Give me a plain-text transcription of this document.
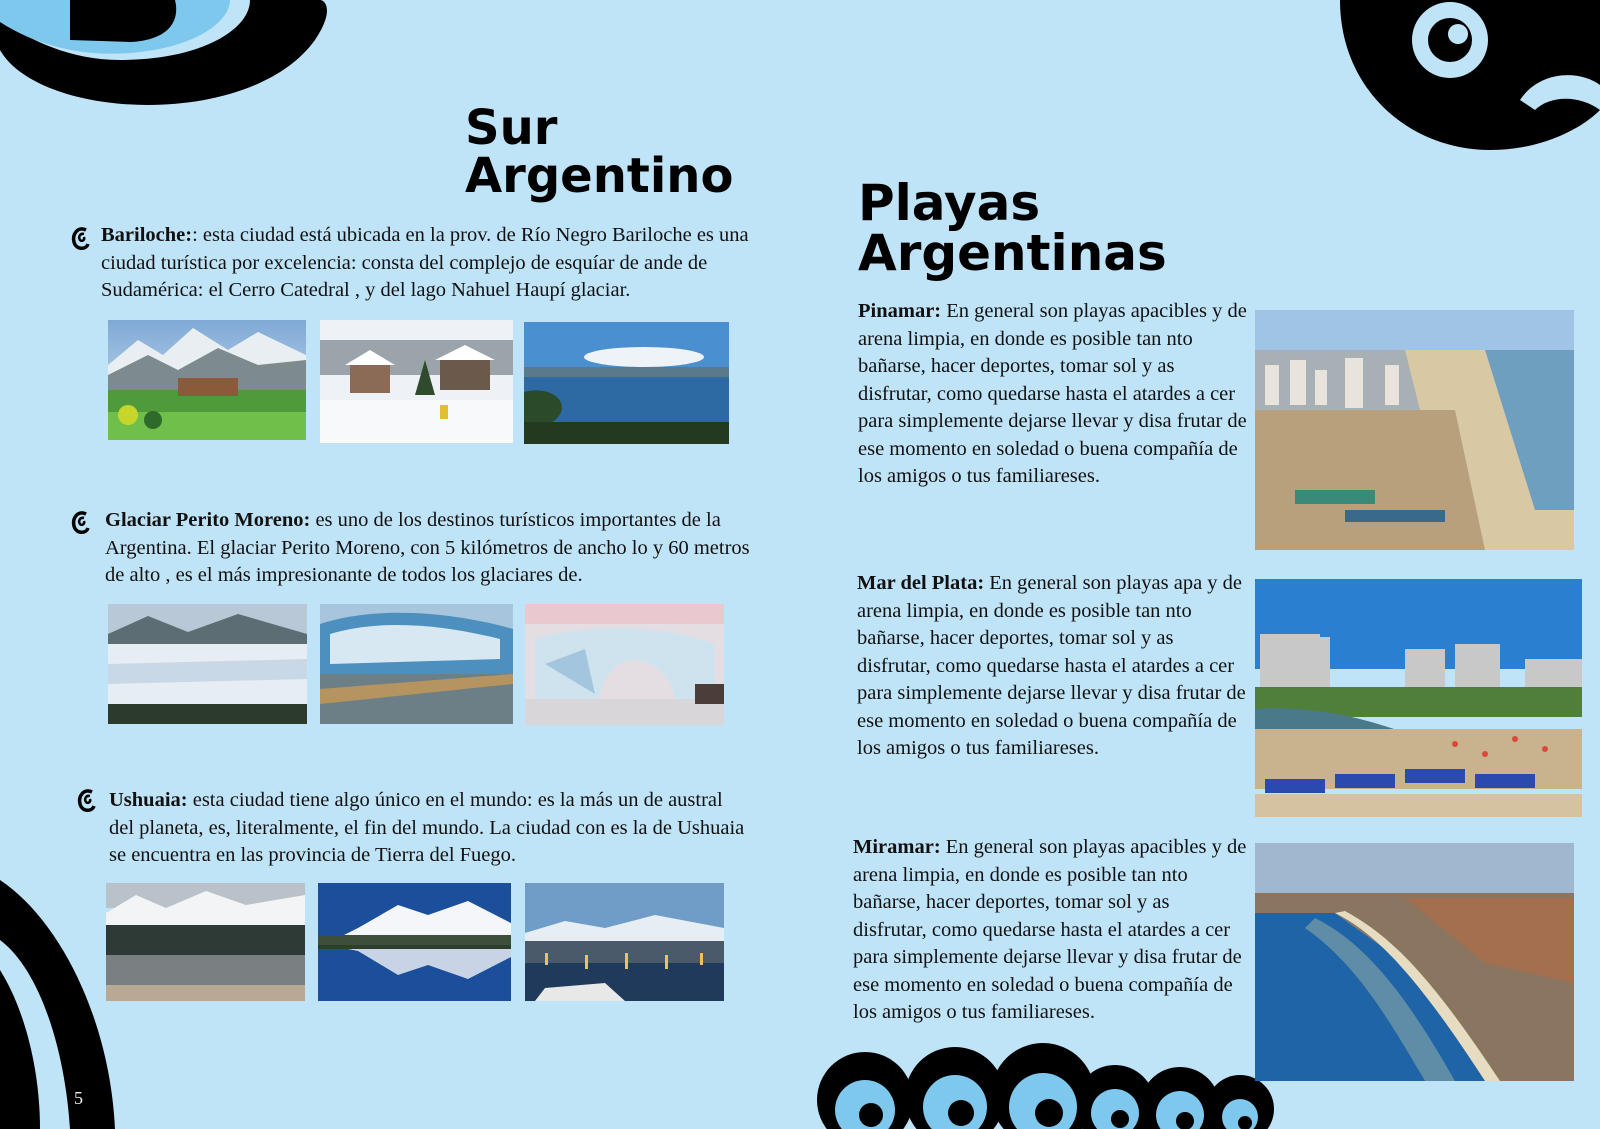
Sur
Argentino
Bariloche:: esta ciudad está ubicada en la prov. de Río Negro Bariloche es una ciudad turística por excelencia: consta del complejo de esquíar de ande de Sudamérica: el Cerro Catedral , y del lago Nahuel Haupí glaciar.
Glaciar Perito Moreno: es uno de los destinos turísticos importantes de la Argentina. El glaciar Perito Moreno, con 5 kilómetros de ancho lo y 60 metros de alto , es el más impresionante de todos los glaciares de.
Ushuaia: esta ciudad tiene algo único en el mundo: es la más un de austral del planeta, es, literalmente, el fin del mundo. La ciudad con es la de Ushuaia se encuentra en las provincia de Tierra del Fuego.
5
Playas
Argentinas
Pinamar: En general son playas apacibles y de arena limpia, en donde es posible tan nto bañarse, hacer deportes, tomar sol y as disfrutar, como quedarse hasta el atardes a cer para simplemente dejarse llevar y disa frutar de ese momento en soledad o buena compañía de los amigos o tus familiareses.
Mar del Plata: En general son playas apa y de arena limpia, en donde es posible tan nto bañarse, hacer deportes, tomar sol y as disfrutar, como quedarse hasta el atardes a cer para simplemente dejarse llevar y disa frutar de ese momento en soledad o buena compañía de los amigos o tus familiareses.
Miramar: En general son playas apacibles y de arena limpia, en donde es posible tan nto bañarse, hacer deportes, tomar sol y as disfrutar, como quedarse hasta el atardes a cer para simplemente dejarse llevar y disa frutar de ese momento en soledad o buena compañía de los amigos o tus familiareses.
